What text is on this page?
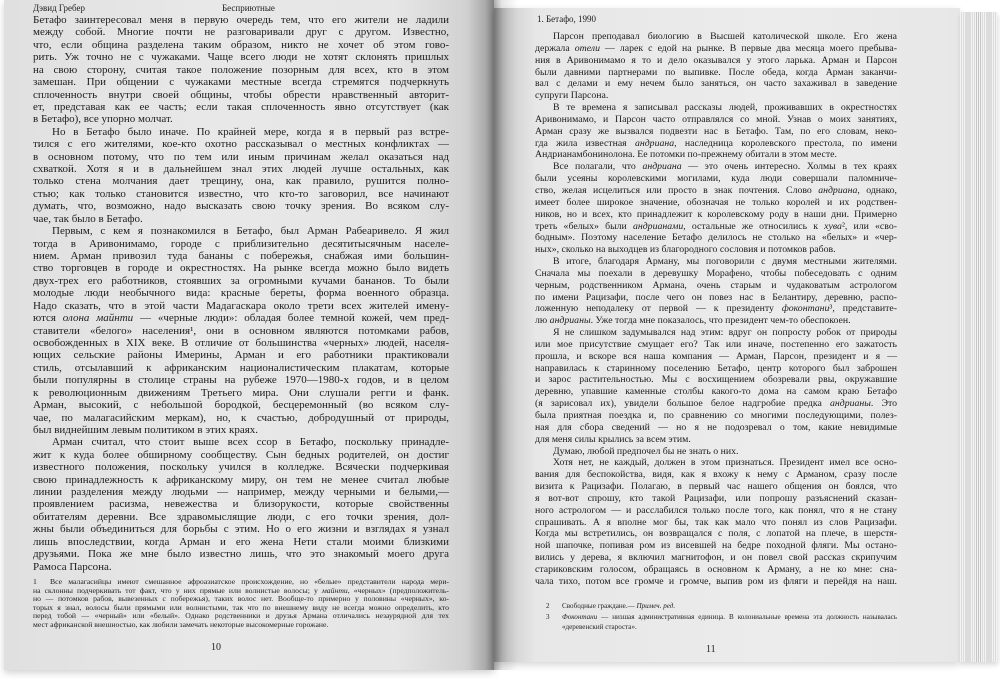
Дэвид Гребер	Бесприютные
Бетафо заинтересовал меня в первую очередь тем, что его жители не ладили
между собой. Многие почти не разговаривали друг с другом. Известно,
что, если община разделена таким образом, никто не хочет об этом гово-
рить. Уж точно не с чужаками. Чаще всего люди не хотят склонять пришлых
на свою сторону, считая такое положение позорным для всех, кто в этом
замешан. При общении с чужаками местные всегда стремятся подчеркнуть
сплоченность внутри своей общины, чтобы обрести нравственный авторит-
ет, представая как ее часть; если такая сплоченность явно отсутствует (как
в Бетафо), все упорно молчат.
Но в Бетафо было иначе. По крайней мере, когда я в первый раз встре-
тился с его жителями, кое-кто охотно рассказывал о местных конфликтах —
в основном потому, что по тем или иным причинам желал оказаться над
схваткой. Хотя я и в дальнейшем знал этих людей лучше остальных, как
только стена молчания дает трещину, она, как правило, рушится полно-
стью; как только становится известно, что кто-то заговорил, все начинают
думать, что, возможно, надо высказать свою точку зрения. Во всяком слу-
чае, так было в Бетафо.
Первым, с кем я познакомился в Бетафо, был Арман Рабеаривело. Я жил
тогда в Аривонимамо, городе с приблизительно десятитысячным населе-
нием. Арман привозил туда бананы с побережья, снабжая ими большин-
ство торговцев в городе и окрестностях. На рынке всегда можно было видеть
двух-трех его работников, стоявших за огромными кучами бананов. То были
молодые люди необычного вида: красные береты, форма военного образца.
Надо сказать, что в этой части Мадагаскара около трети всех жителей имену-
ются олона майнти — «черные люди»: обладая более темной кожей, чем пред-
ставители «белого» населения¹, они в основном являются потомками рабов,
освобожденных в XIX веке. В отличие от большинства «черных» людей, населя-
ющих сельские районы Имерины, Арман и его работники практиковали
стиль, отсылавший к африканским националистическим плакатам, которые
были популярны в столице страны на рубеже 1970—1980-х годов, и в целом
к революционным движениям Третьего мира. Они слушали регги и фанк.
Арман, высокий, с небольшой бородкой, бесцеремонный (во всяком слу-
чае, по малагасийским меркам), но, к счастью, добродушный от природы,
был виднейшим левым политиком в этих краях.
Арман считал, что стоит выше всех ссор в Бетафо, поскольку принадле-
жит к куда более обширному сообществу. Сын бедных родителей, он достиг
известного положения, поскольку учился в колледже. Всячески подчеркивая
свою принадлежность к африканскому миру, он тем не менее считал любые
линии разделения между людьми — например, между черными и белыми,—
проявлением расизма, невежества и близорукости, которые свойственны
обитателям деревни. Все здравомыслящие люди, с его точки зрения, дол-
жны были объединиться для борьбы с этим. Но о его жизни и взглядах я узнал
лишь впоследствии, когда Арман и его жена Нети стали моими близкими
друзьями. Пока же мне было известно лишь, что это знакомый моего друга
Рамоса Парсона.
1 Все малагасийцы имеют смешанное афроазиатское происхождение, но «белые» представители народа мери-
на склонны подчеркивать тот факт, что у них прямые или волнистые волосы; у майнти, «черных» (предположитель-
но — потомков рабов, вывезенных с побережья), таких волос нет. Вообще-то примерно у половины «черных», ко-
торых я знал, волосы были прямыми или волнистыми, так что по внешнему виду не всегда можно определить, кто
перед тобой — «черный» или «белый». Однако родственники и друзья Армана отличались незаурядной для тех
мест африканской внешностью, как любили замечать некоторые высокомерные горожане.
10
1. Бетафо, 1990
Парсон преподавал биологию в Высшей католической школе. Его жена
держала отели — ларек с едой на рынке. В первые два месяца моего пребыва-
ния в Аривонимамо я то и дело оказывался у этого ларька. Арман и Парсон
были давними партнерами по выпивке. После обеда, когда Арман заканчи-
вал с делами и ему нечем было заняться, он часто захаживал в заведение
супруги Парсона.
В те времена я записывал рассказы людей, проживавших в окрестностях
Аривонимамо, и Парсон часто отправлялся со мной. Узнав о моих занятиях,
Арман сразу же вызвался подвезти нас в Бетафо. Там, по его словам, неко-
гда жила известная андриана, наследница королевского престола, по имени
Андрианамбонинолона. Ее потомки по-прежнему обитали в этом месте.
Все полагали, что андриана — это очень интересно. Холмы в тех краях
были усеяны королевскими могилами, куда люди совершали паломниче-
ство, желая исцелиться или просто в знак почтения. Слово андриана, однако,
имеет более широкое значение, обозначая не только королей и их родствен-
ников, но и всех, кто принадлежит к королевскому роду в наши дни. Примерно
треть «белых» были андрианами, остальные же относились к хува², или «сво-
бодным». Поэтому население Бетафо делилось не столько на «белых» и «чер-
ных», сколько на выходцев из благородного сословия и потомков рабов.
В итоге, благодаря Арману, мы поговорили с двумя местными жителями.
Сначала мы поехали в деревушку Морафено, чтобы побеседовать с одним
черным, родственником Армана, очень старым и чудаковатым астрологом
по имени Рацизафи, после чего он повез нас в Белантиру, деревню, распо-
ложенную неподалеку от первой — к президенту фоконтани³, представите-
лю андрианы. Уже тогда мне показалось, что президент чем-то обеспокоен.
Я не слишком задумывался над этим: вдруг он попросту робок от природы
или мое присутствие смущает его? Так или иначе, постепенно его зажатость
прошла, и вскоре вся наша компания — Арман, Парсон, президент и я —
направилась к старинному поселению Бетафо, центр которого был заброшен
и зарос растительностью. Мы с восхищением обозревали рвы, окружавшие
деревню, упавшие каменные столбы какого-то дома на самом краю Бетафо
(я зарисовал их), увидели большое белое надгробие предка андрианы. Это
была приятная поездка и, по сравнению со многими последующими, полез-
ная для сбора сведений — но я не подозревал о том, какие невидимые
для меня силы крылись за всем этим.
Думаю, любой предпочел бы не знать о них.
Хотя нет, не каждый, должен в этом признаться. Президент имел все осно-
вания для беспокойства, видя, как я вхожу к нему с Арманом, сразу после
визита к Рацизафи. Полагаю, в первый час нашего общения он боялся, что
я вот-вот спрошу, кто такой Рацизафи, или попрошу разъяснений сказан-
ного астрологом — и расслабился только после того, как понял, что я не стану
спрашивать. А я вполне мог бы, так как мало что понял из слов Рацизафи.
Когда мы встретились, он возвращался с поля, с лопатой на плече, в шерстя-
ной шапочке, попивая ром из висевшей на бедре походной фляги. Мы остано-
вились у дерева, я включил магнитофон, и он повел свой рассказ скрипучим
стариковским голосом, обращаясь в основном к Арману, а не ко мне: сна-
чала тихо, потом все громче и громче, выпив ром из фляги и перейдя на наш.
2 Свободные граждане.— Примеч. ред.
3 Фоконтани — низшая административная единица. В колониальные времена эта должность называлась
«деревенский староста».
11
